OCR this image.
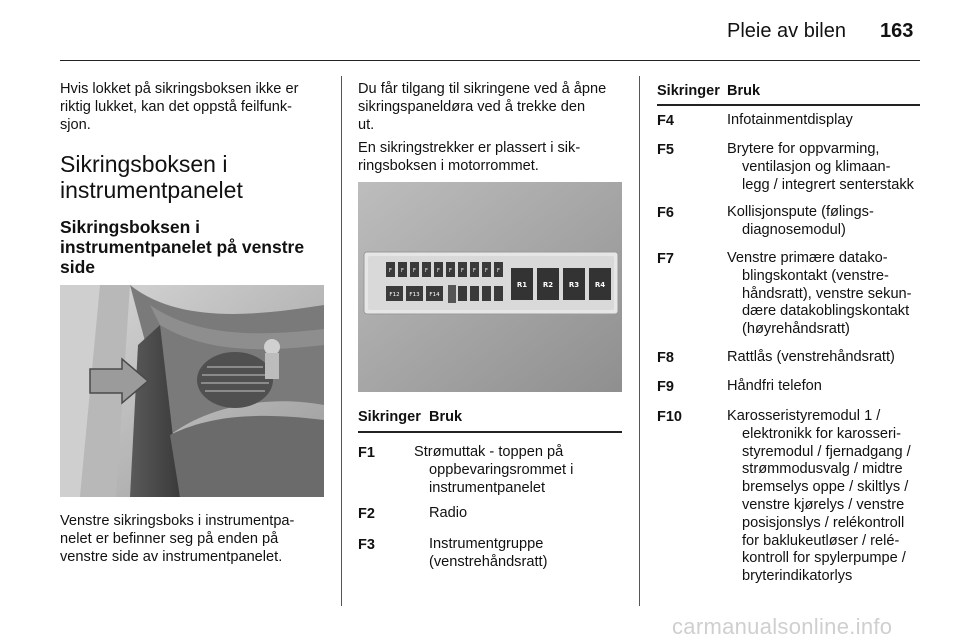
Pleie av bilen 163
Hvis lokket på sikringsboksen ikke er
riktig lukket, kan det oppstå feilfunk-
sjon.
Sikringsboksen i
instrumentpanelet
Sikringsboksen i
instrumentpanelet på venstre
side
Venstre sikringsboks i instrumentpa-
nelet er befinner seg på enden på
venstre side av instrumentpanelet.
Du får tilgang til sikringene ved å åpne
sikringspaneldøra ved å trekke den
ut.
En sikringstrekker er plassert i sik-
ringsboksen i motorrommet.
F F F F F F F F F F
F12 F13 F14
R1 R2 R3 R4
Sikringer Bruk
F1	Strømuttak - toppen på
oppbevaringsrommet i
instrumentpanelet
F2	Radio
F3	Instrumentgruppe
(venstrehåndsratt)
Sikringer Bruk
F4	Infotainmentdisplay
F5	Brytere for oppvarming,
ventilasjon og klimaan-
legg / integrert senterstakk
F6	Kollisjonspute (følings-
diagnosemodul)
F7	Venstre primære datako-
blingskontakt (venstre-
håndsratt), venstre sekun-
dære datakoblingskontakt
(høyrehåndsratt)
F8	Rattlås (venstrehåndsratt)
F9	Håndfri telefon
F10	Karosseristyremodul 1 /
elektronikk for karosseri-
styremodul / fjernadgang /
strømmodusvalg / midtre
bremselys oppe / skiltlys /
venstre kjørelys / venstre
posisjonslys / relékontroll
for baklukeutløser / relé-
kontroll for spylerpumpe /
bryterindikatorlys
carmanualsonline.info
